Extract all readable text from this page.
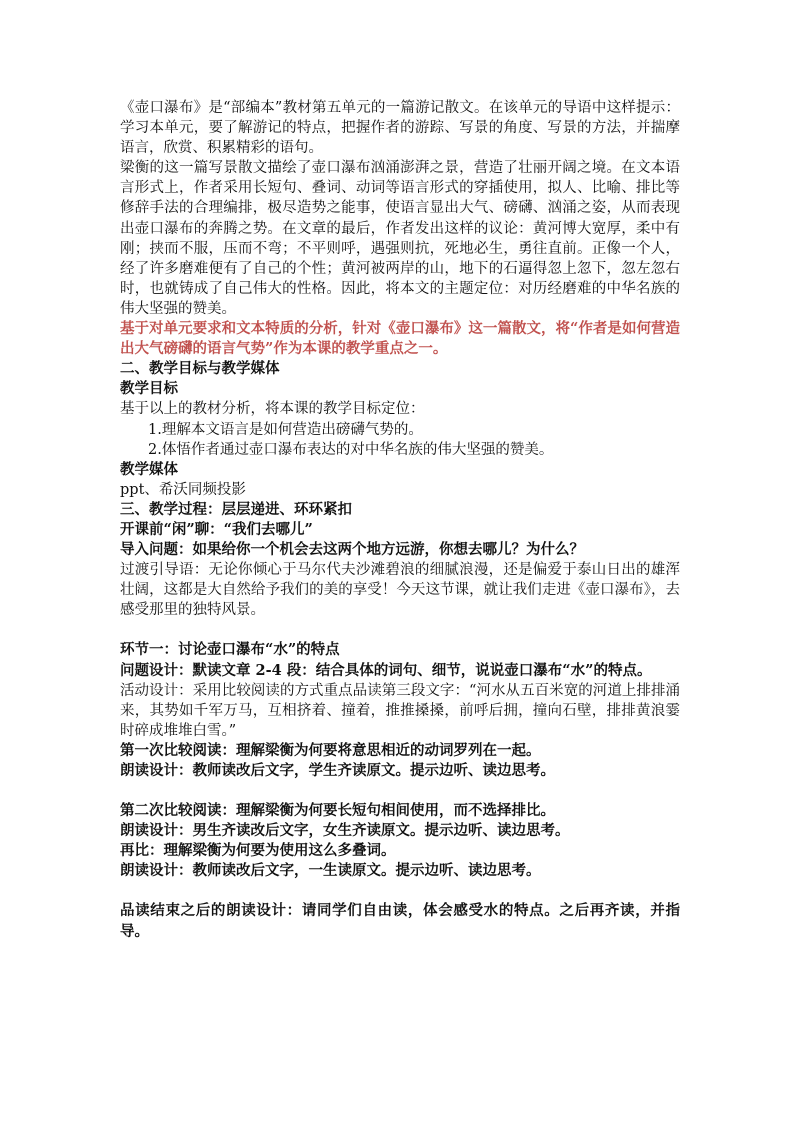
《壶口瀑布》是“部编本”教材第五单元的一篇游记散文。在该单元的导语中这样提示：学习本单元，要了解游记的特点，把握作者的游踪、写景的角度、写景的方法，并揣摩语言，欣赏、积累精彩的语句。

梁衡的这一篇写景散文描绘了壶口瀑布汹涌澎湃之景，营造了壮丽开阔之境。在文本语言形式上，作者采用长短句、叠词、动词等语言形式的穿插使用，拟人、比喻、排比等修辞手法的合理编排，极尽造势之能事，使语言显出大气、磅礴、汹涌之姿，从而表现出壶口瀑布的奔腾之势。在文章的最后，作者发出这样的议论：黄河博大宽厚，柔中有刚；挟而不服，压而不弯；不平则呼，遇强则抗，死地必生，勇往直前。正像一个人，经了许多磨难便有了自己的个性；黄河被两岸的山，地下的石逼得忽上忽下，忽左忽右时，也就铸成了自己伟大的性格。因此，将本文的主题定位：对历经磨难的中华名族的伟大坚强的赞美。

基于对单元要求和文本特质的分析，针对《壶口瀑布》这一篇散文，将“作者是如何营造出大气磅礴的语言气势”作为本课的教学重点之一。

二、教学目标与教学媒体

教学目标

基于以上的教材分析，将本课的教学目标定位：

1.理解本文语言是如何营造出磅礴气势的。

2.体悟作者通过壶口瀑布表达的对中华名族的伟大坚强的赞美。

教学媒体

ppt、希沃同频投影

三、教学过程：层层递进、环环紧扣

开课前“闲”聊：“我们去哪儿”

导入问题：如果给你一个机会去这两个地方远游，你想去哪儿？为什么？

过渡引导语：无论你倾心于马尔代夫沙滩碧浪的细腻浪漫，还是偏爱于泰山日出的雄浑壮阔，这都是大自然给予我们的美的享受！今天这节课，就让我们走进《壶口瀑布》，去感受那里的独特风景。

环节一：讨论壶口瀑布“水”的特点

问题设计：默读文章 2-4 段：结合具体的词句、细节，说说壶口瀑布“水”的特点。

活动设计：采用比较阅读的方式重点品读第三段文字：“河水从五百米宽的河道上排排涌来，其势如千军万马，互相挤着、撞着，推推搡搡，前呼后拥，撞向石壁，排排黄浪霎时碎成堆堆白雪。”

第一次比较阅读：理解梁衡为何要将意思相近的动词罗列在一起。

朗读设计：教师读改后文字，学生齐读原文。提示边听、读边思考。

第二次比较阅读：理解梁衡为何要长短句相间使用，而不选择排比。

朗读设计：男生齐读改后文字，女生齐读原文。提示边听、读边思考。

再比：理解梁衡为何要为使用这么多叠词。

朗读设计：教师读改后文字，一生读原文。提示边听、读边思考。

品读结束之后的朗读设计：请同学们自由读，体会感受水的特点。之后再齐读，并指导。
